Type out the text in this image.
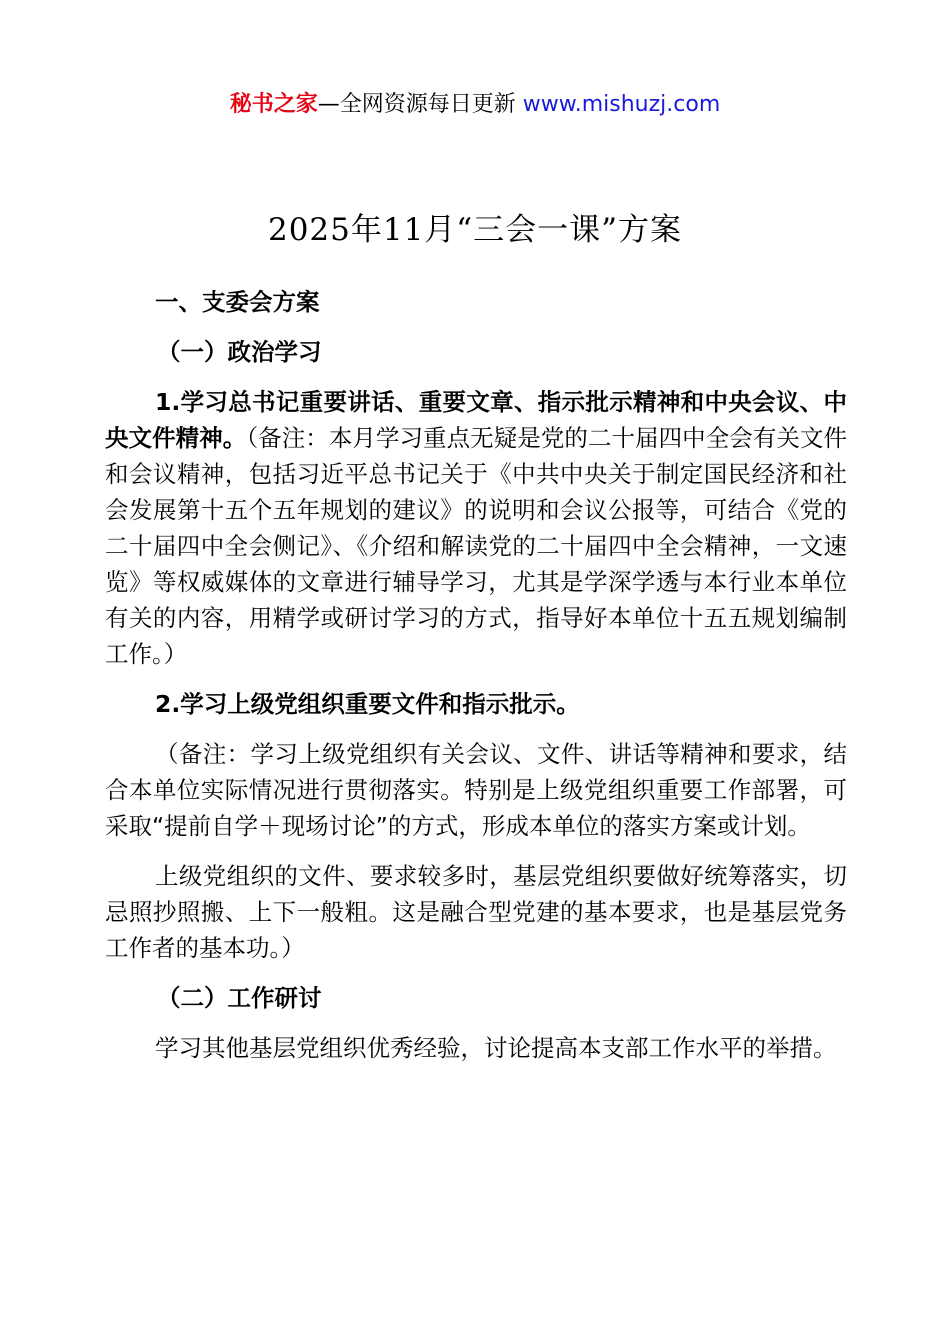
秘书之家—全网资源每日更新 www.mishuzj.com
2025年11月“三会一课”方案

一、支委会方案

（一）政治学习

1.学习总书记重要讲话、重要文章、指示批示精神和中央会议、中央文件精神。（备注：本月学习重点无疑是党的二十届四中全会有关文件和会议精神，包括习近平总书记关于《中共中央关于制定国民经济和社会发展第十五个五年规划的建议》的说明和会议公报等，可结合《党的二十届四中全会侧记》、《介绍和解读党的二十届四中全会精神，一文速览》等权威媒体的文章进行辅导学习，尤其是学深学透与本行业本单位有关的内容，用精学或研讨学习的方式，指导好本单位十五五规划编制工作。）

2.学习上级党组织重要文件和指示批示。

（备注：学习上级党组织有关会议、文件、讲话等精神和要求，结合本单位实际情况进行贯彻落实。特别是上级党组织重要工作部署，可采取“提前自学＋现场讨论”的方式，形成本单位的落实方案或计划。

上级党组织的文件、要求较多时，基层党组织要做好统筹落实，切忌照抄照搬、上下一般粗。这是融合型党建的基本要求，也是基层党务工作者的基本功。）

（二）工作研讨

学习其他基层党组织优秀经验，讨论提高本支部工作水平的举措。
